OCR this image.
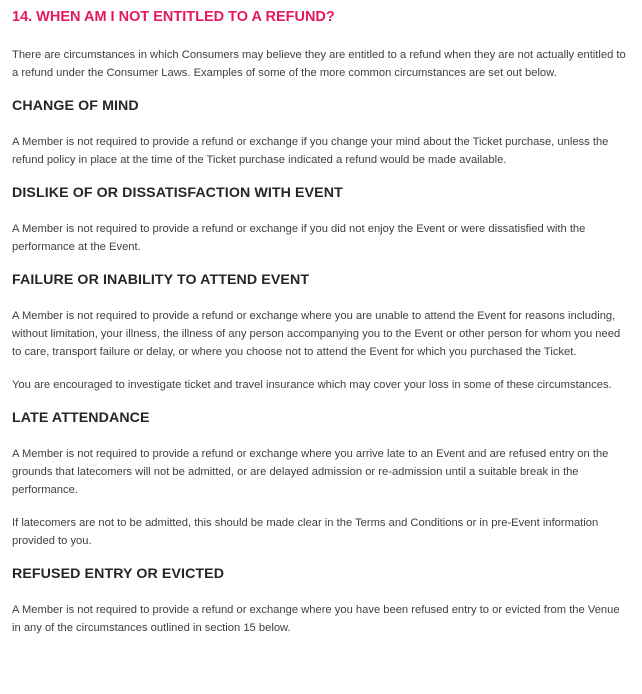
14. WHEN AM I NOT ENTITLED TO A REFUND?

There are circumstances in which Consumers may believe they are entitled to a refund when they are not actually entitled to a refund under the Consumer Laws. Examples of some of the more common circumstances are set out below.

CHANGE OF MIND

A Member is not required to provide a refund or exchange if you change your mind about the Ticket purchase, unless the refund policy in place at the time of the Ticket purchase indicated a refund would be made available.

DISLIKE OF OR DISSATISFACTION WITH EVENT

A Member is not required to provide a refund or exchange if you did not enjoy the Event or were dissatisfied with the performance at the Event.

FAILURE OR INABILITY TO ATTEND EVENT

A Member is not required to provide a refund or exchange where you are unable to attend the Event for reasons including, without limitation, your illness, the illness of any person accompanying you to the Event or other person for whom you need to care, transport failure or delay, or where you choose not to attend the Event for which you purchased the Ticket.

You are encouraged to investigate ticket and travel insurance which may cover your loss in some of these circumstances.

LATE ATTENDANCE

A Member is not required to provide a refund or exchange where you arrive late to an Event and are refused entry on the grounds that latecomers will not be admitted, or are delayed admission or re-admission until a suitable break in the performance.

If latecomers are not to be admitted, this should be made clear in the Terms and Conditions or in pre-Event information provided to you.

REFUSED ENTRY OR EVICTED

A Member is not required to provide a refund or exchange where you have been refused entry to or evicted from the Venue in any of the circumstances outlined in section 15 below.
